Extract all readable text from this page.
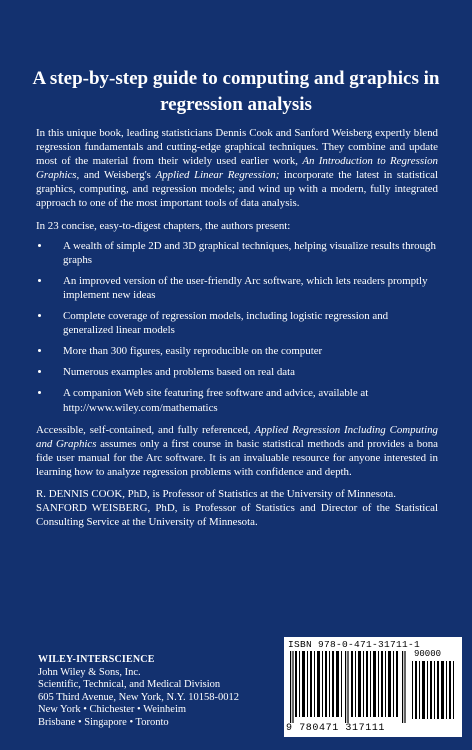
A step-by-step guide to computing and graphics in regression analysis

In this unique book, leading statisticians Dennis Cook and Sanford Weisberg expertly blend regression fundamentals and cutting-edge graphical techniques. They combine and update most of the material from their widely used earlier work, An Introduction to Regression Graphics, and Weisberg's Applied Linear Regression; incorporate the latest in statistical graphics, computing, and regression models; and wind up with a modern, fully integrated approach to one of the most important tools of data analysis.

In 23 concise, easy-to-digest chapters, the authors present:

A wealth of simple 2D and 3D graphical techniques, helping visualize results through graphs
An improved version of the user-friendly Arc software, which lets readers promptly implement new ideas
Complete coverage of regression models, including logistic regression and generalized linear models
More than 300 figures, easily reproducible on the computer
Numerous examples and problems based on real data
A companion Web site featuring free software and advice, available at http://www.wiley.com/mathematics

Accessible, self-contained, and fully referenced, Applied Regression Including Computing and Graphics assumes only a first course in basic statistical methods and provides a bona fide user manual for the Arc software. It is an invaluable resource for anyone interested in learning how to analyze regression problems with confidence and depth.

R. DENNIS COOK, PhD, is Professor of Statistics at the University of Minnesota.

SANFORD WEISBERG, PhD, is Professor of Statistics and Director of the Statistical Consulting Service at the University of Minnesota.

WILEY-INTERSCIENCE
John Wiley & Sons, Inc.
Scientific, Technical, and Medical Division
605 Third Avenue, New York, N.Y. 10158-0012
New York • Chichester • Weinheim
Brisbane • Singapore • Toronto
ISBN 978-0-471-31711-1
90000
9 780471 317111
